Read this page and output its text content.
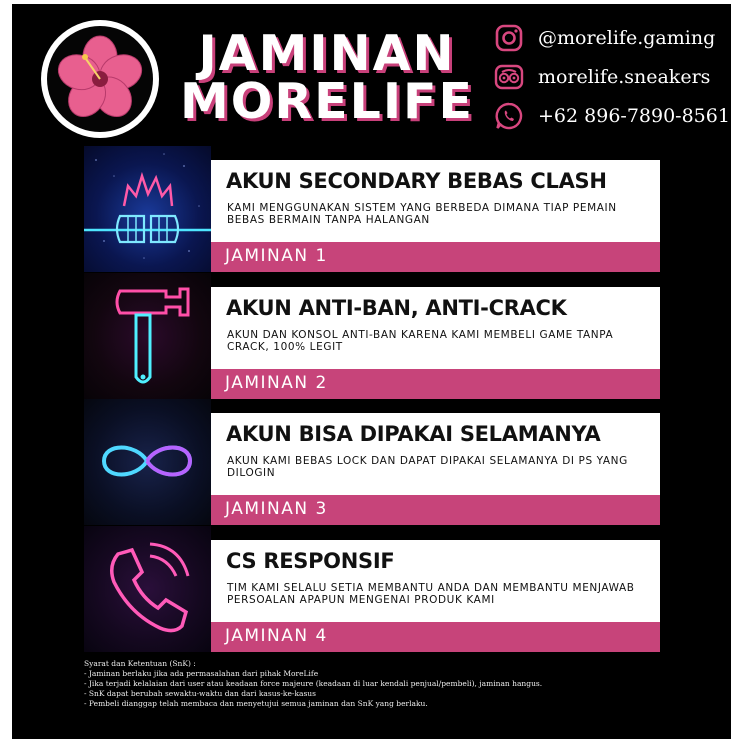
JAMINAN
MORELIFE
@morelife.gaming
morelife.sneakers
+62 896-7890-8561
AKUN SECONDARY BEBAS CLASH

KAMI MENGGUNAKAN SISTEM YANG BERBEDA DIMANA TIAP PEMAIN BEBAS BERMAIN TANPA HALANGAN

JAMINAN 1
AKUN ANTI-BAN, ANTI-CRACK

AKUN DAN KONSOL ANTI-BAN KARENA KAMI MEMBELI GAME TANPA CRACK, 100% LEGIT

JAMINAN 2
AKUN BISA DIPAKAI SELAMANYA

AKUN KAMI BEBAS LOCK DAN DAPAT DIPAKAI SELAMANYA DI PS YANG DILOGIN

JAMINAN 3
CS RESPONSIF

TIM KAMI SELALU SETIA MEMBANTU ANDA DAN MEMBANTU MENJAWAB PERSOALAN APAPUN MENGENAI PRODUK KAMI

JAMINAN 4
Syarat dan Ketentuan (SnK) :
- Jaminan berlaku jika ada permasalahan dari pihak MoreLife
- Jika terjadi kelalaian dari user atau keadaan force majeure (keadaan di luar kendali penjual/pembeli), jaminan hangus.
- SnK dapat berubah sewaktu-waktu dan dari kasus-ke-kasus
- Pembeli dianggap telah membaca dan menyetujui semua jaminan dan SnK yang berlaku.
